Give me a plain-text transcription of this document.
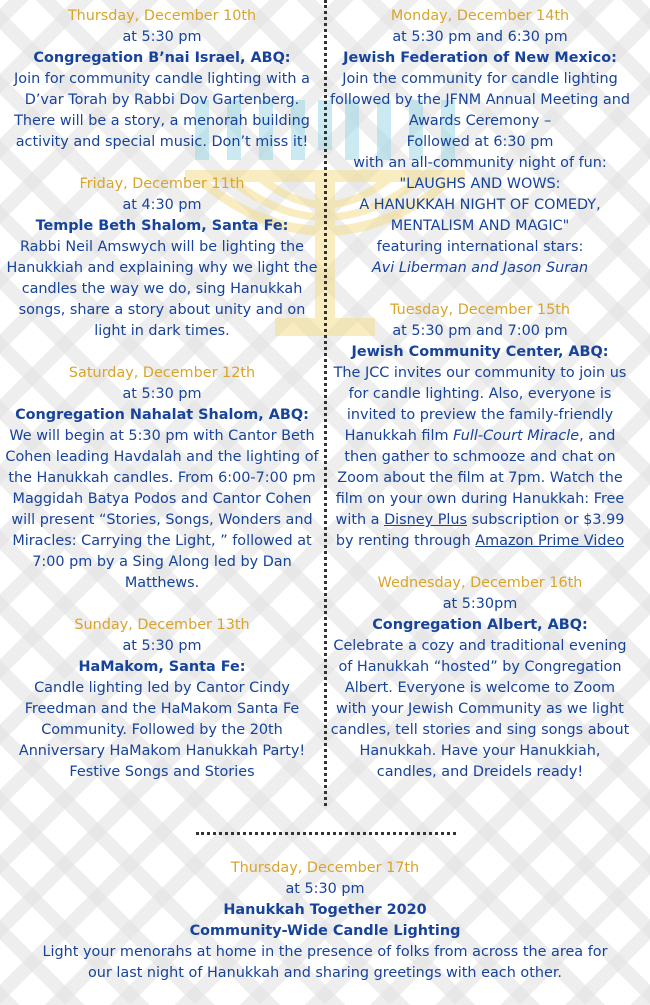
Thursday, December 10th
at 5:30 pm
Congregation B’nai Israel, ABQ:

Join for community candle lighting with a D’var Torah by Rabbi Dov Gartenberg. There will be a story, a menorah building activity and special music. Don’t miss it!

Friday, December 11th
at 4:30 pm
Temple Beth Shalom, Santa Fe:

Rabbi Neil Amswych will be lighting the Hanukkiah and explaining why we light the candles the way we do, sing Hanukkah songs, share a story about unity and on light in dark times.

Saturday, December 12th
at 5:30 pm
Congregation Nahalat Shalom, ABQ:

We will begin at 5:30 pm with Cantor Beth Cohen leading Havdalah and the lighting of the Hanukkah candles. From 6:00-7:00 pm Maggidah Batya Podos and Cantor Cohen will present “Stories, Songs, Wonders and Miracles: Carrying the Light, ” followed at 7:00 pm by a Sing Along led by Dan Matthews.

Sunday, December 13th
at 5:30 pm
HaMakom, Santa Fe:

Candle lighting led by Cantor Cindy Freedman and the HaMakom Santa Fe Community. Followed by the 20th Anniversary HaMakom Hanukkah Party! Festive Songs and Stories

Monday, December 14th
at 5:30 pm and 6:30 pm
Jewish Federation of New Mexico:
Join the community for candle lighting followed by the JFNM Annual Meeting and Awards Ceremony –
Followed at 6:30 pm
with an all-community night of fun:
"LAUGHS AND WOWS:
A HANUKKAH NIGHT OF COMEDY, MENTALISM AND MAGIC"
featuring international stars:
Avi Liberman and Jason Suran
Tuesday, December 15th
at 5:30 pm and 7:00 pm
Jewish Community Center, ABQ:

The JCC invites our community to join us for candle lighting. Also, everyone is invited to preview the family-friendly Hanukkah film Full-Court Miracle, and then gather to schmooze and chat on Zoom about the film at 7pm. Watch the film on your own during Hanukkah: Free with a Disney Plus subscription or $3.99 by renting through Amazon Prime Video

Wednesday, December 16th
at 5:30pm
Congregation Albert, ABQ:

Celebrate a cozy and traditional evening of Hanukkah “hosted” by Congregation Albert. Everyone is welcome to Zoom with your Jewish Community as we light candles, tell stories and sing songs about Hanukkah. Have your Hanukkiah, candles, and Dreidels ready!

Thursday, December 17th
at 5:30 pm
Hanukkah Together 2020
Community-Wide Candle Lighting
Light your menorahs at home in the presence of folks from across the area for our last night of Hanukkah and sharing greetings with each other.
